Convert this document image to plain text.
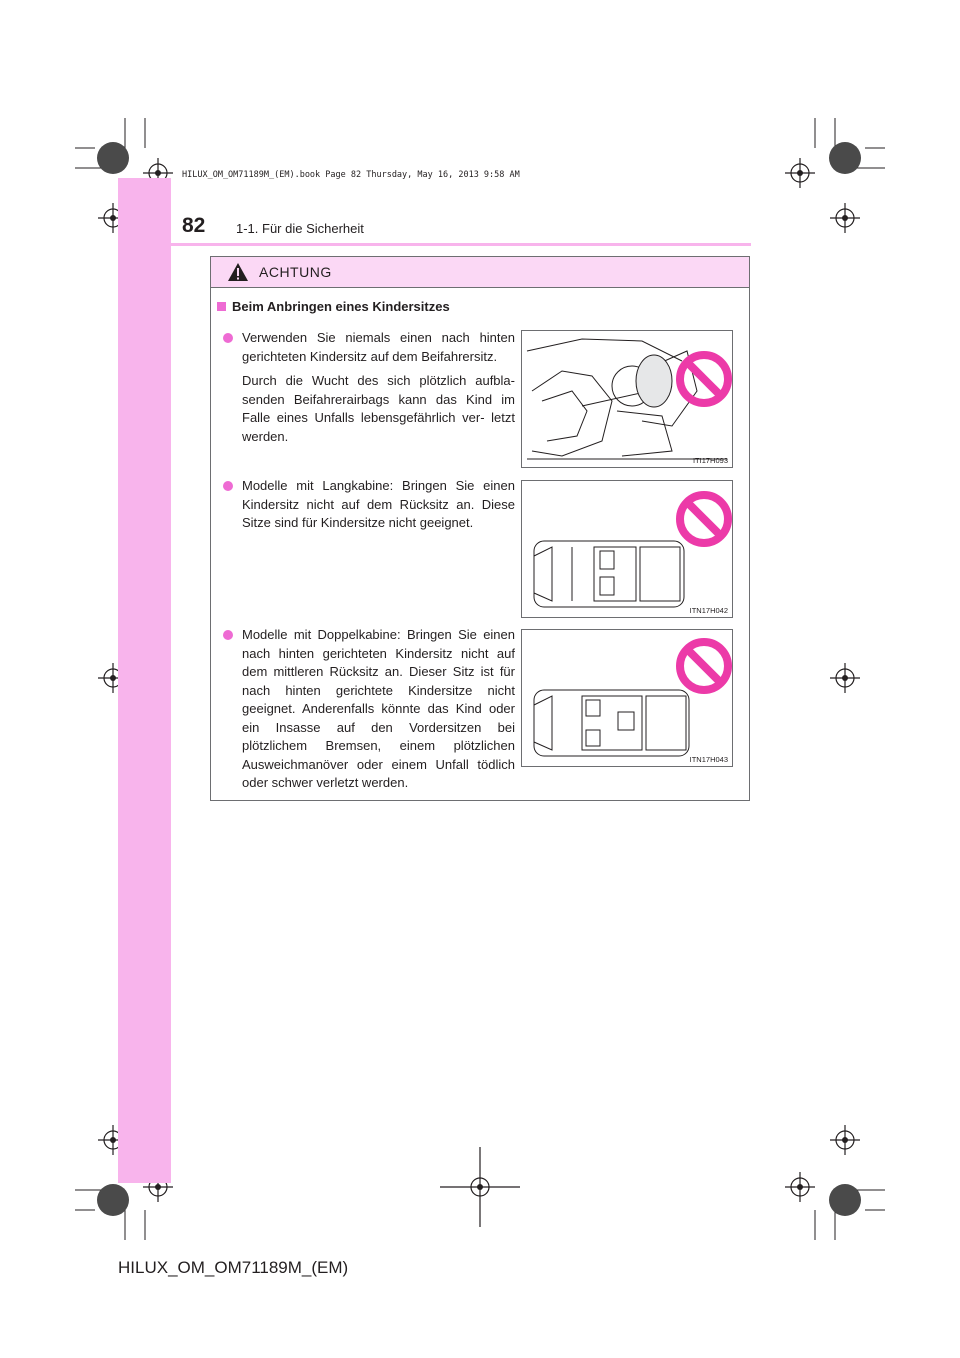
HILUX_OM_OM71189M_(EM).book Page 82 Thursday, May 16, 2013 9:58 AM
82 1-1. Für die Sicherheit
ACHTUNG
Beim Anbringen eines Kindersitzes

Verwenden Sie niemals einen nach hinten gerichteten Kindersitz auf dem Beifahrersitz.

Durch die Wucht des sich plötzlich aufbla- senden Beifahrerairbags kann das Kind im Falle eines Unfalls lebensgefährlich ver- letzt werden.

ITI17H093

Modelle mit Langkabine: Bringen Sie einen Kindersitz nicht auf dem Rücksitz an. Diese Sitze sind für Kindersitze nicht geeignet.

ITN17H042

Modelle mit Doppelkabine: Bringen Sie einen nach hinten gerichteten Kindersitz nicht auf dem mittleren Rücksitz an. Dieser Sitz ist für nach hinten gerichtete Kindersitze nicht geeignet. Anderenfalls könnte das Kind oder ein Insasse auf den Vordersitzen bei plötzlichem Bremsen, einem plötzlichen Ausweichmanöver oder einem Unfall tödlich oder schwer verletzt werden.

ITN17H043
HILUX_OM_OM71189M_(EM)
